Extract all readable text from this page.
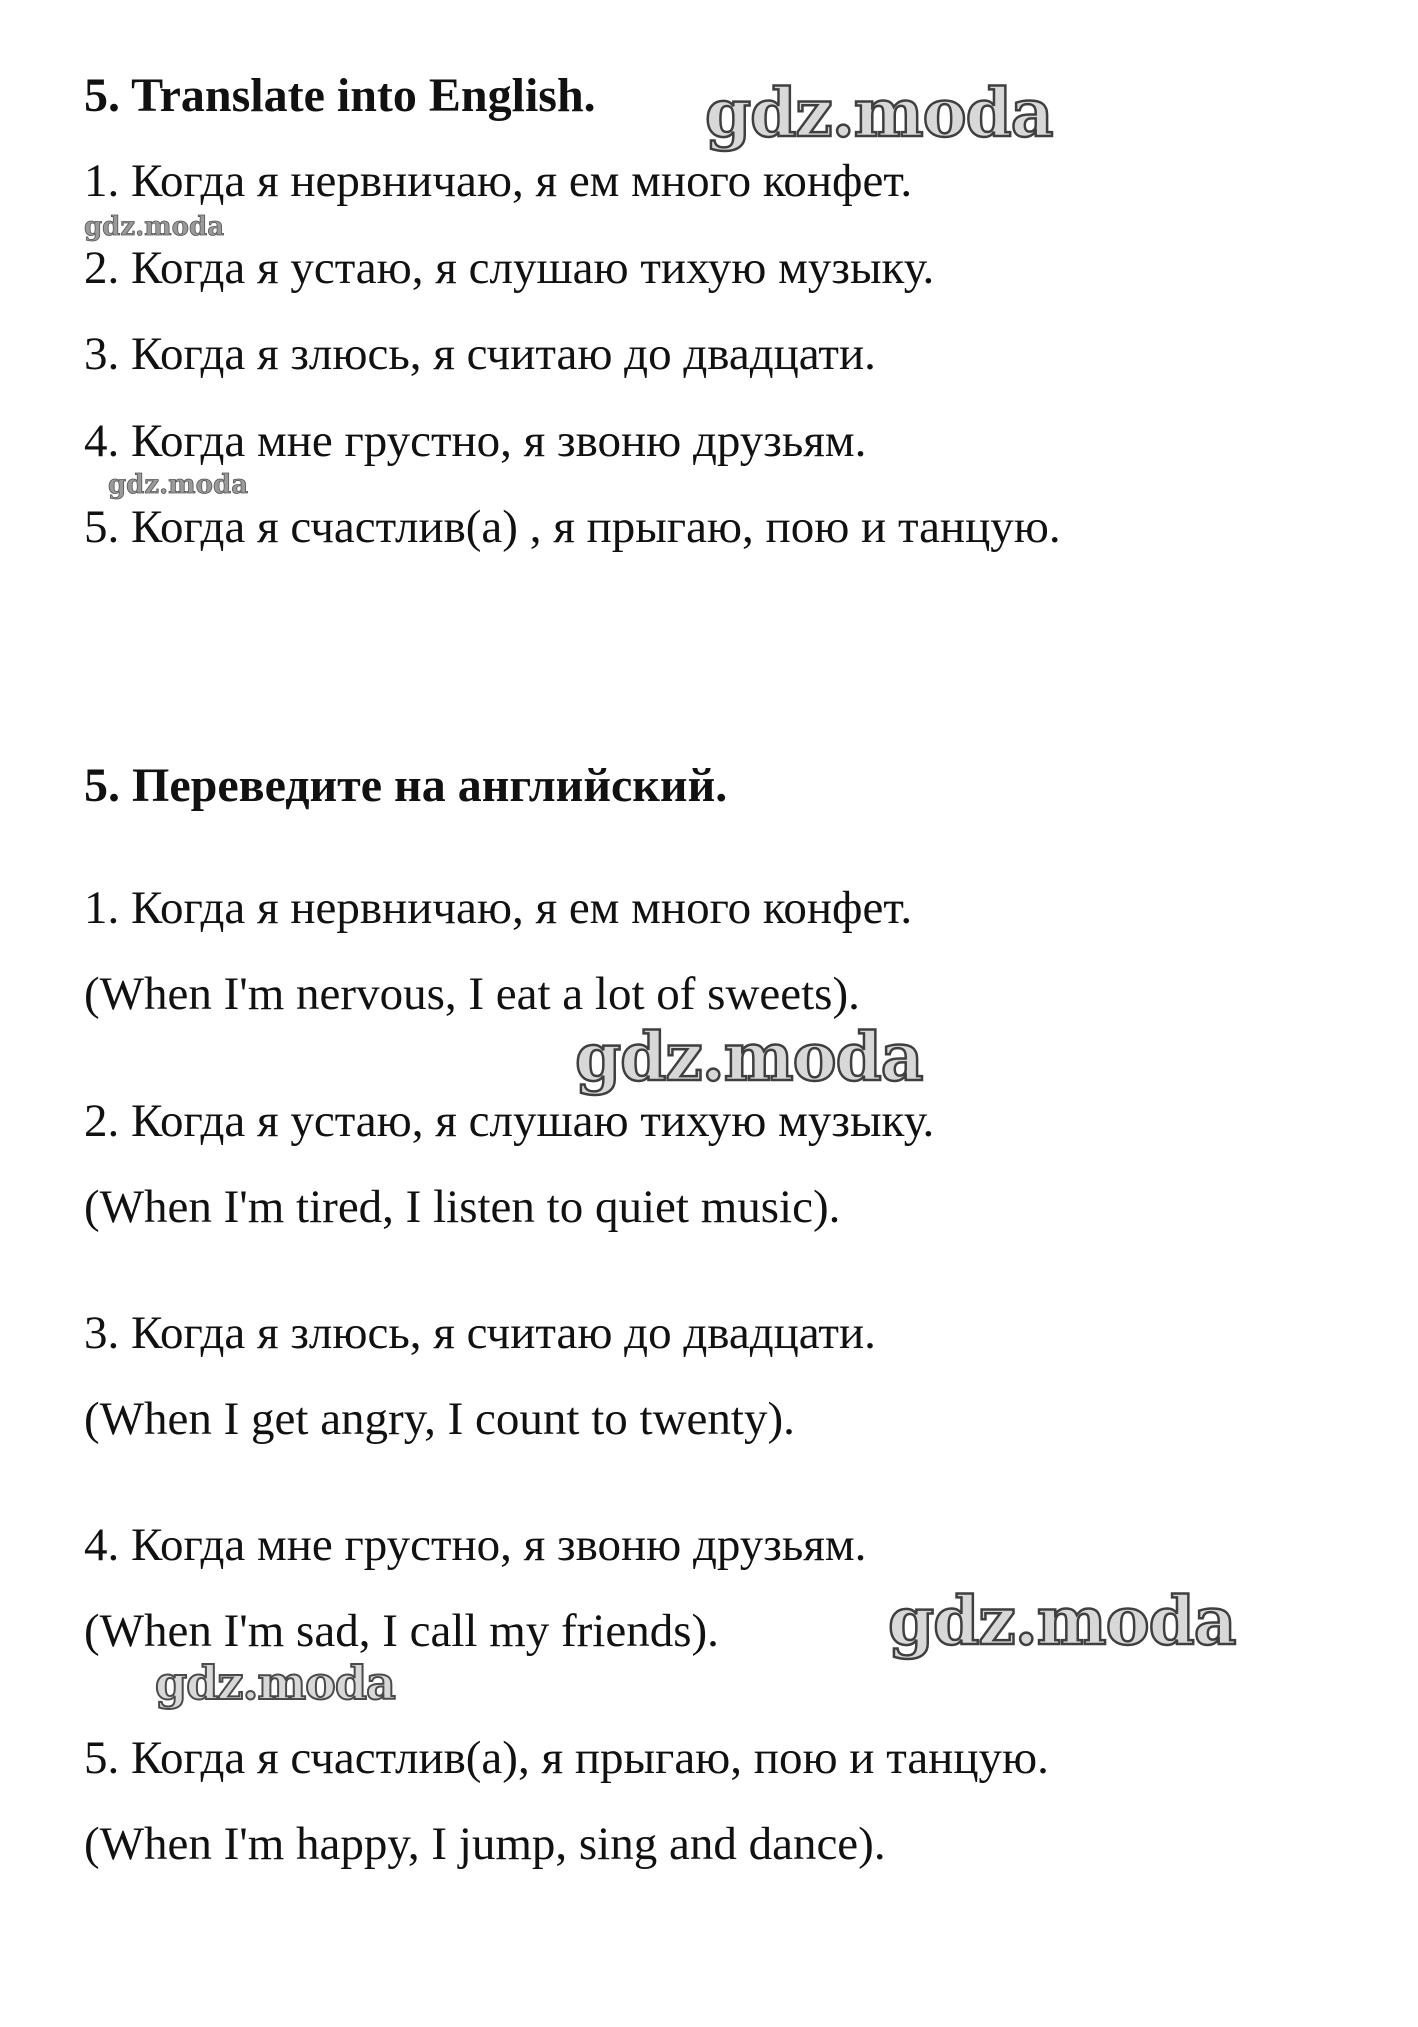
5. Translate into English.
1. Когда я нервничаю, я ем много конфет.
2. Когда я устаю, я слушаю тихую музыку.
3. Когда я злюсь, я считаю до двадцати.
4. Когда мне грустно, я звоню друзьям.
5. Когда я счастлив(а) , я прыгаю, пою и танцую.
5. Переведите на английский.
1. Когда я нервничаю, я ем много конфет.
(When I'm nervous, I eat a lot of sweets).
2. Когда я устаю, я слушаю тихую музыку.
(When I'm tired, I listen to quiet music).
3. Когда я злюсь, я считаю до двадцати.
(When I get angry, I count to twenty).
4. Когда мне грустно, я звоню друзьям.
(When I'm sad, I call my friends).
5. Когда я счастлив(а), я прыгаю, пою и танцую.
(When I'm happy, I jump, sing and dance).
gdz.moda
gdz.moda
gdz.moda
gdz.moda
gdz.moda
gdz.moda
